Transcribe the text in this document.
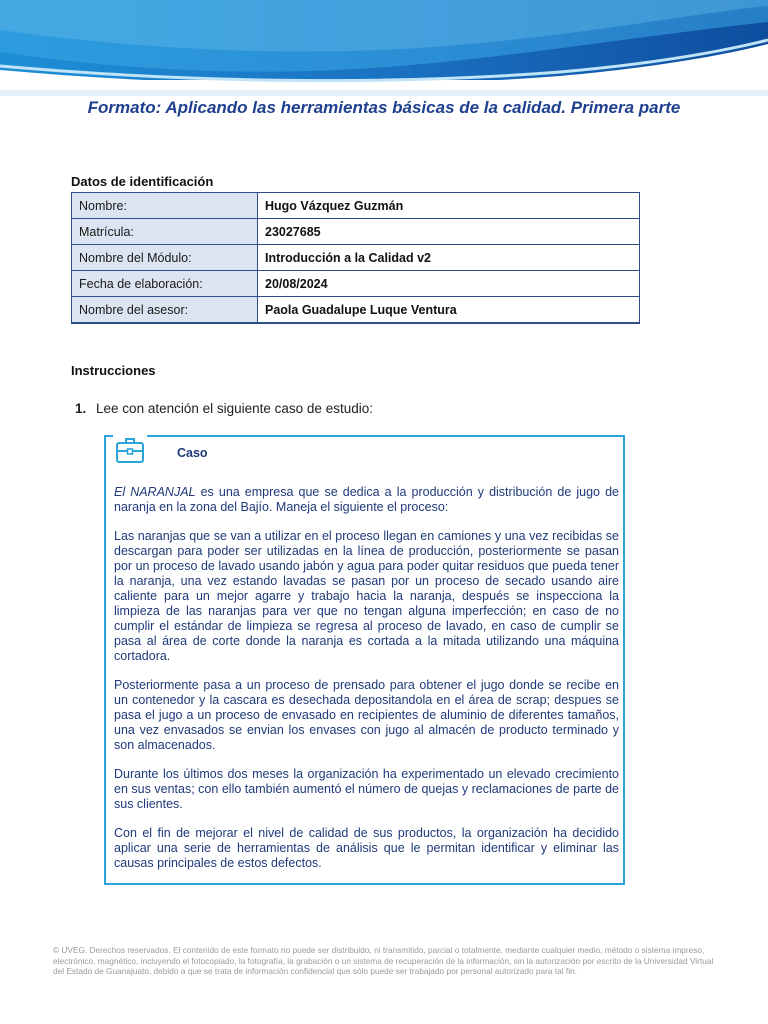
Formato: Aplicando las herramientas básicas de la calidad. Primera parte
Datos de identificación
Nombre:	Hugo Vázquez Guzmán
Matrícula:	23027685
Nombre del Módulo:	Introducción a la Calidad v2
Fecha de elaboración:	20/08/2024
Nombre del asesor:	Paola Guadalupe Luque Ventura
Instrucciones
1. Lee con atención el siguiente caso de estudio:
Caso

El NARANJAL es una empresa que se dedica a la producción y distribución de jugo de naranja en la zona del Bajío. Maneja el siguiente el proceso:

Las naranjas que se van a utilizar en el proceso llegan en camiones y una vez recibidas se descargan para poder ser utilizadas en la línea de producción, posteriormente se pasan por un proceso de lavado usando jabón y agua para poder quitar residuos que pueda tener la naranja, una vez estando lavadas se pasan por un proceso de secado usando aire caliente para un mejor agarre y trabajo hacia la naranja, después se inspecciona la limpieza de las naranjas para ver que no tengan alguna imperfección; en caso de no cumplir el estándar de limpieza se regresa al proceso de lavado, en caso de cumplir se pasa al área de corte donde la naranja es cortada a la mitada utilizando una máquina cortadora.

Posteriormente pasa a un proceso de prensado para obtener el jugo donde se recibe en un contenedor y la cascara es desechada depositandola en el área de scrap; despues se pasa el jugo a un proceso de envasado en recipientes de aluminio de diferentes tamaños, una vez envasados se envian los envases con jugo al almacén de producto terminado y son almacenados.

Durante los últimos dos meses la organización ha experimentado un elevado crecimiento en sus ventas; con ello también aumentó el número de quejas y reclamaciones de parte de sus clientes.

Con el fin de mejorar el nivel de calidad de sus productos, la organización ha decidido aplicar una serie de herramientas de análisis que le permitan identificar y eliminar las causas principales de estos defectos.

© UVEG. Derechos reservados. El contenido de este formato no puede ser distribuido, ni transmitido, parcial o totalmente, mediante cualquier medio, método o sistema impreso, electrónico, magnético, incluyendo el fotocopiado, la fotografía, la grabación o un sistema de recuperación de la información, sin la autorización por escrito de la Universidad Virtual del Estado de Guanajuato, debido a que se trata de información confidencial que sólo puede ser trabajado por personal autorizado para tal fin.
